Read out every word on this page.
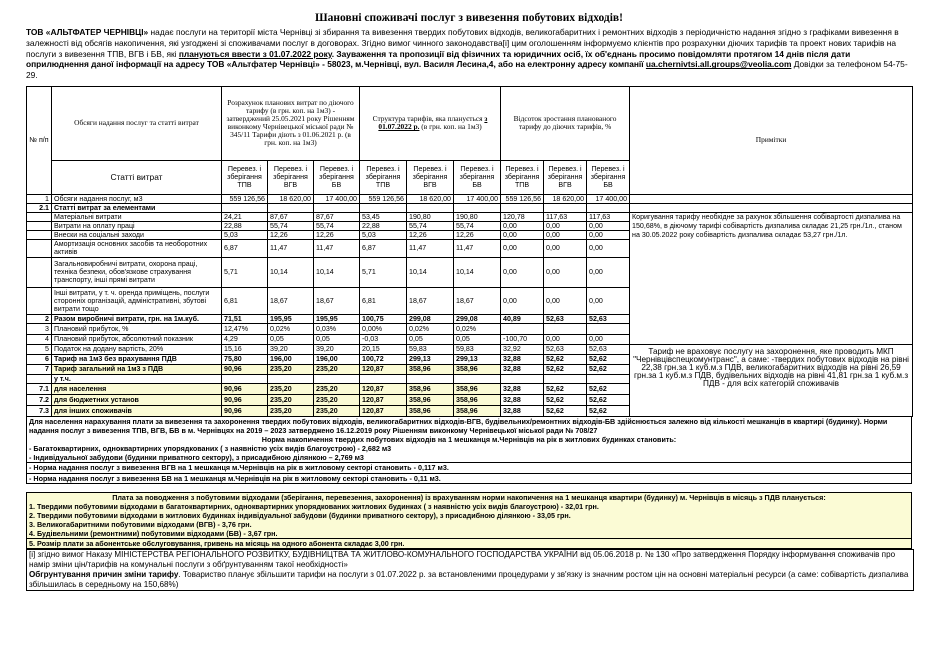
Шановні споживачі послуг з вивезення побутових відходів!

ТОВ «АЛЬТФАТЕР ЧЕРНІВЦІ» надає послуги на території міста Чернівці зі збирання та вивезення твердих побутових відходів, великогабаритних і ремонтних відходів з періодичністю надання згідно з графіками вивезення в залежності від обсягів накопичення, які узгоджені зі споживачами послуг в договорах. Згідно вимог чинного законодавства[і] цим оголошенням інформуємо клієнтів про розрахунки діючих тарифів та проект нових тарифів на послуги з вивезення ТПВ, ВГВ і БВ, які плануються ввести з 01.07.2022 року. Зауваження та пропозиції від фізичних та юридичних осіб, їх об'єднань просимо повідомляти протягом 14 днів після дати оприлюднення даної інформації на адресу ТОВ «Альтфатер Чернівці» - 58023, м.Чернівці, вул. Василя Лесина,4, або на електронну адресу компанії ua.chernivtsi.all.groups@veolia.com Довідки за телефоном 54-75-29.

№ п/п	Обсяги надання послуг та статті витрат	Розрахунок планових витрат по діючого тарифу (в грн. коп. на 1м3) - затверджений 25.05.2021 року Рішенням виконкому Чернівецької міської ради № 345/11 Тарифи діють з 01.06.2021 р. (в грн. коп. на 1м3)			Структура тарифів, яка планується з 01.07.2022 р. (в грн. коп. на 1м3)			Відсоток зростання планованого тарифу до діючих тарифів, %			Примітки
	Статті витрат	Перевез. і зберігання ТПВ	Перевез. і зберігання ВГВ	Перевез. і зберігання БВ	Перевез. і зберігання ТПВ	Перевез. і зберігання ВГВ	Перевез. і зберігання БВ	Перевез. і зберігання ТПВ	Перевез. і зберігання ВГВ	Перевез. і зберігання БВ	
1	Обсяги надання послуг, м3	559 126,56	18 620,00	17 400,00	559 126,56	18 620,00	17 400,00	559 126,56	18 620,00	17 400,00	
2.1	Статті витрат за елементами										
	Матеріальні витрати	24,21	87,67	87,67	53,45	190,80	190,80	120,78	117,63	117,63	Коригування тарифу необхідне за рахунок збільшення собівартості дизпалива на 150,68%, в діючому тарифі собівартість дизпалива складає 21,25 грн./1л., станом на 30.05.2022 року собівартість дизпалива складає 53,27 грн./1л.
	Витрати на оплату праці	22,88	55,74	55,74	22,88	55,74	55,74	0,00	0,00	0,00	
	Внески на соціальні заходи	5,03	12,26	12,26	5,03	12,26	12,26	0,00	0,00	0,00	
	Амортизація основних засобів та необоротних активів	6,87	11,47	11,47	6,87	11,47	11,47	0,00	0,00	0,00	
	Загальновиробничі витрати, охорона праці, техніка безпеки, обов'язкове страхування транспорту, інші прямі витрати	5,71	10,14	10,14	5,71	10,14	10,14	0,00	0,00	0,00	
	Інші витрати, у т. ч. оренда приміщень, послуги сторонніх організацій, адміністративні, збутові витрати тощо	6,81	18,67	18,67	6,81	18,67	18,67	0,00	0,00	0,00	
2	Разом виробничі витрати, грн. на 1м.куб.	71,51	195,95	195,95	100,75	299,08	299,08	40,89	52,63	52,63	
3	Плановий прибуток, %	12,47%	0,02%	0,03%	0,00%	0,02%	0,02%				
4	Плановий прибуток, абсолютний показник	4,29	0,05	0,05	-0,03	0,05	0,05	-100,70	0,00	0,00	
5	Податок на додану вартість, 20%	15,16	39,20	39,20	20,15	59,83	59,83	32,92	52,63	52,63	Тариф не враховує послугу на захоронення, яке проводить МКП "Чернівцівспецкомунтранс", а саме: -твердих побутових відходів на рівні 22,38 грн.за 1 куб.м.з ПДВ, великогабаритних відходів на рівні 26,59 грн.за 1 куб.м.з ПДВ, будівельних відходів на рівні 41,81 грн.за 1 куб.м.з ПДВ - для всіх категорій споживачів
6	Тариф на 1м3 без врахування ПДВ	75,80	196,00	196,00	100,72	299,13	299,13	32,88	52,62	52,62	
7	Тариф загальний на 1м3 з ПДВ	90,96	235,20	235,20	120,87	358,96	358,96	32,88	52,62	52,62	
	у т.ч.										
7.1	для населення	90,96	235,20	235,20	120,87	358,96	358,96	32,88	52,62	52,62	
7.2	для бюджетних установ	90,96	235,20	235,20	120,87	358,96	358,96	32,88	52,62	52,62	
7.3	для інших споживачів	90,96	235,20	235,20	120,87	358,96	358,96	32,88	52,62	52,62	
Для населення нарахування плати за вивезення та захоронення твердих побутових відходів, великогабаритних відходів-ВГВ, будівельних/ремонтних відходів-БВ здійснюється залежно від кількості мешканців в квартирі (будинку). Норми надання послуг з вивезення ТПВ, ВГВ, БВ в м. Чернівцях на 2019 – 2023 затверджено 16.12.2019 року Рішенням виконкому Чернівецької міської ради № 708/27
Норма накопичення твердих побутових відходів на 1 мешканця м.Чернівців на рік в житлових будинках становить:
- Багатоквартирних, одноквартирних упорядкованих ( з наявністю усіх видів благоустрою) - 2,682 м3
- Індивідуальної забудови (будинки приватного сектору), з присадибною ділянкою – 2,769 м3
- Норма надання послуг з вивезення ВГВ на 1 мешканця м.Чернівців на рік в житловому секторі становить - 0,117 м3.
- Норма надання послуг з вивезення БВ на 1 мешканця м.Чернівців на рік в житловому секторі становить - 0,11 м3.
Плата за поводження з побутовими відходами (зберігання, перевезення, захоронення) із врахуванням норми накопичення на 1 мешканця квартири (будинку) м. Чернівців в місяць з ПДВ планується:
1. Твердими побутовими відходами в багатоквартирних, одноквартирних упорядкованих житлових будинках ( з наявністю усіх видів благоустрою) - 32,01 грн.
2. Твердими побутовими відходами в житлових будинках індивідуальної забудови (будинки приватного сектору), з присадибною ділянкою - 33,05 грн.
3. Великогабаритними побутовими відходами (ВГВ) - 3,76 грн.
4. Будівельними (ремонтними) побутовими відходами (БВ) - 3,67 грн.
5. Розмір плати за абонентське обслуговування, гривень на місяць на одного абонента складає 3,00 грн.
[і] згідно вимог Наказу МІНІСТЕРСТВА РЕГІОНАЛЬНОГО РОЗВИТКУ, БУДІВНИЦТВА ТА ЖИТЛОВО-КОМУНАЛЬНОГО ГОСПОДАРСТВА УКРАЇНИ від 05.06.2018 р. № 130 «Про затвердження Порядку інформування споживачів про намір зміни цін/тарифів на комунальні послуги з обґрунтуванням такої необхідності»
Обгрунтування причин зміни тарифу. Товариство планує збільшити тарифи на послуги з 01.07.2022 р. за встановленими процедурами у зв'язку із значним ростом цін на основні матеріальні ресурси (а саме: собівартість дизпалива збільшилась в середньому на 150,68%)
